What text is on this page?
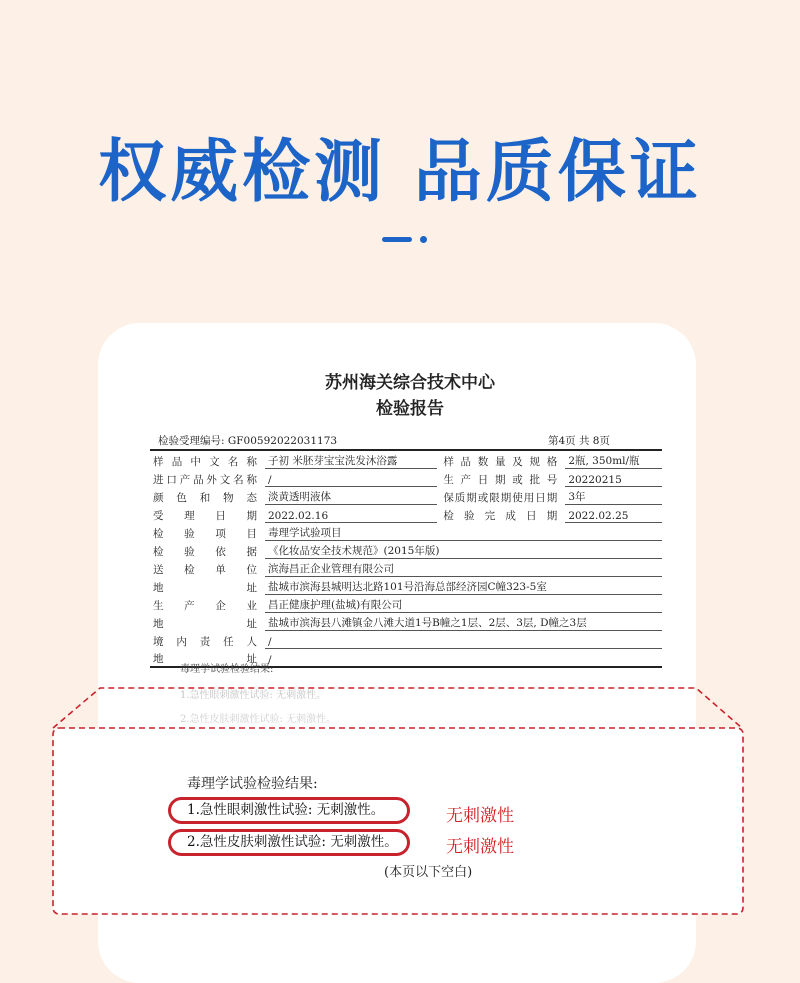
权威检测 品质保证
苏州海关综合技术中心
检验报告
检验受理编号: GF00592022031173	第4页 共 8页
样品中文名称	子初 米胚芽宝宝洗发沐浴露	样品数量及规格	2瓶, 350ml/瓶
进口产品外文名称	/	生产日期或批号	20220215
颜色和物态	淡黄透明液体	保质期或限期使用日期	3年
受理日期	2022.02.16	检验完成日期	2022.02.25
检验项目	毒理学试验项目		
检验依据	《化妆品安全技术规范》(2015年版)		
送检单位	滨海昌正企业管理有限公司		
地址	盐城市滨海县城明达北路101号沿海总部经济园C幢323-5室		
生产企业	昌正健康护理(盐城)有限公司		
地址	盐城市滨海县八滩镇金八滩大道1号B幢之1层、2层、3层, D幢之3层		
境内责任人	/		
地址	/		
毒理学试验检验结果:
1.急性眼刺激性试验: 无刺激性。
2.急性皮肤刺激性试验: 无刺激性。
毒理学试验检验结果:
1.急性眼刺激性试验: 无刺激性。
2.急性皮肤刺激性试验: 无刺激性。
无刺激性
无刺激性
(本页以下空白)
